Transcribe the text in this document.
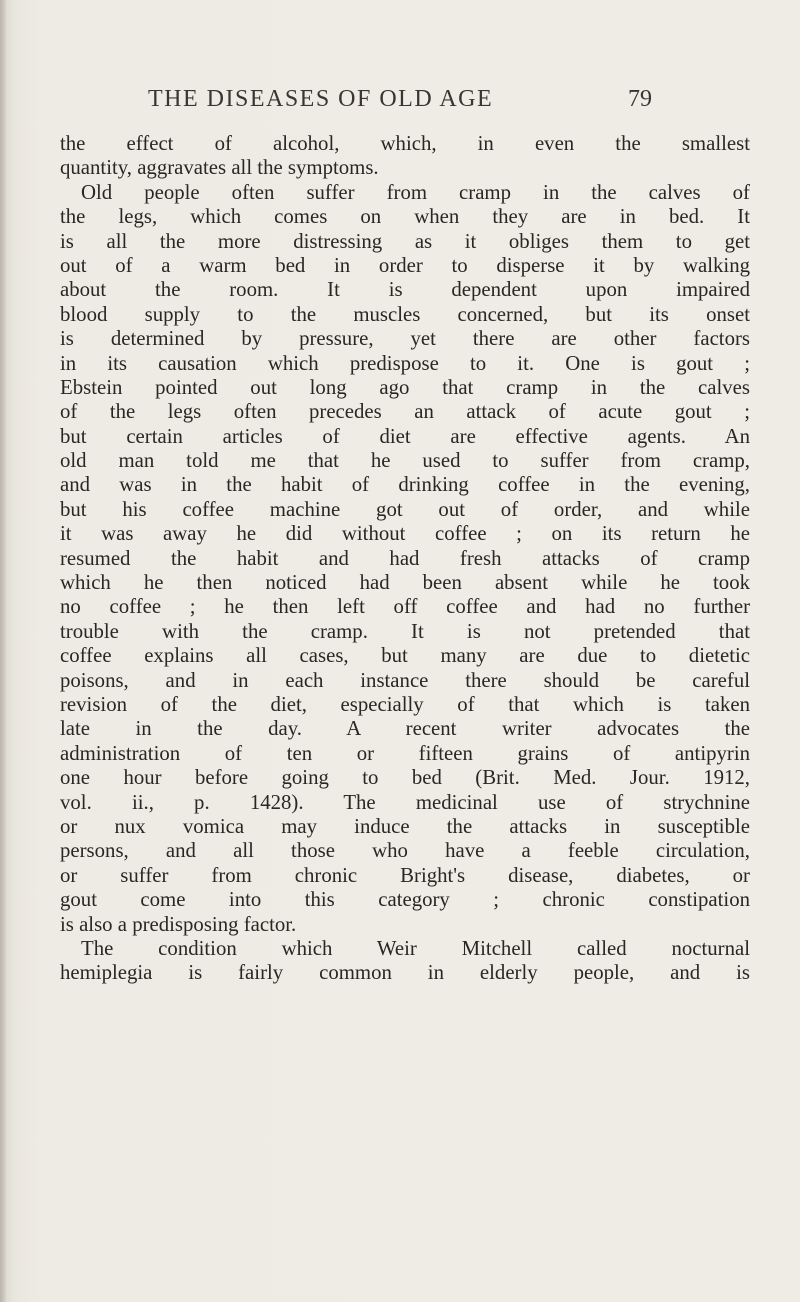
THE DISEASES OF OLD AGE	79
the effect of alcohol, which, in even the smallest
quantity, aggravates all the symptoms.
Old people often suffer from cramp in the calves of
the legs, which comes on when they are in bed. It
is all the more distressing as it obliges them to get
out of a warm bed in order to disperse it by walking
about the room. It is dependent upon impaired
blood supply to the muscles concerned, but its onset
is determined by pressure, yet there are other factors
in its causation which predispose to it. One is gout ;
Ebstein pointed out long ago that cramp in the calves
of the legs often precedes an attack of acute gout ;
but certain articles of diet are effective agents. An
old man told me that he used to suffer from cramp,
and was in the habit of drinking coffee in the evening,
but his coffee machine got out of order, and while
it was away he did without coffee ; on its return he
resumed the habit and had fresh attacks of cramp
which he then noticed had been absent while he took
no coffee ; he then left off coffee and had no further
trouble with the cramp. It is not pretended that
coffee explains all cases, but many are due to dietetic
poisons, and in each instance there should be careful
revision of the diet, especially of that which is taken
late in the day. A recent writer advocates the
administration of ten or fifteen grains of antipyrin
one hour before going to bed (Brit. Med. Jour. 1912,
vol. ii., p. 1428). The medicinal use of strychnine
or nux vomica may induce the attacks in susceptible
persons, and all those who have a feeble circulation,
or suffer from chronic Bright's disease, diabetes, or
gout come into this category ; chronic constipation
is also a predisposing factor.
The condition which Weir Mitchell called nocturnal
hemiplegia is fairly common in elderly people, and is
